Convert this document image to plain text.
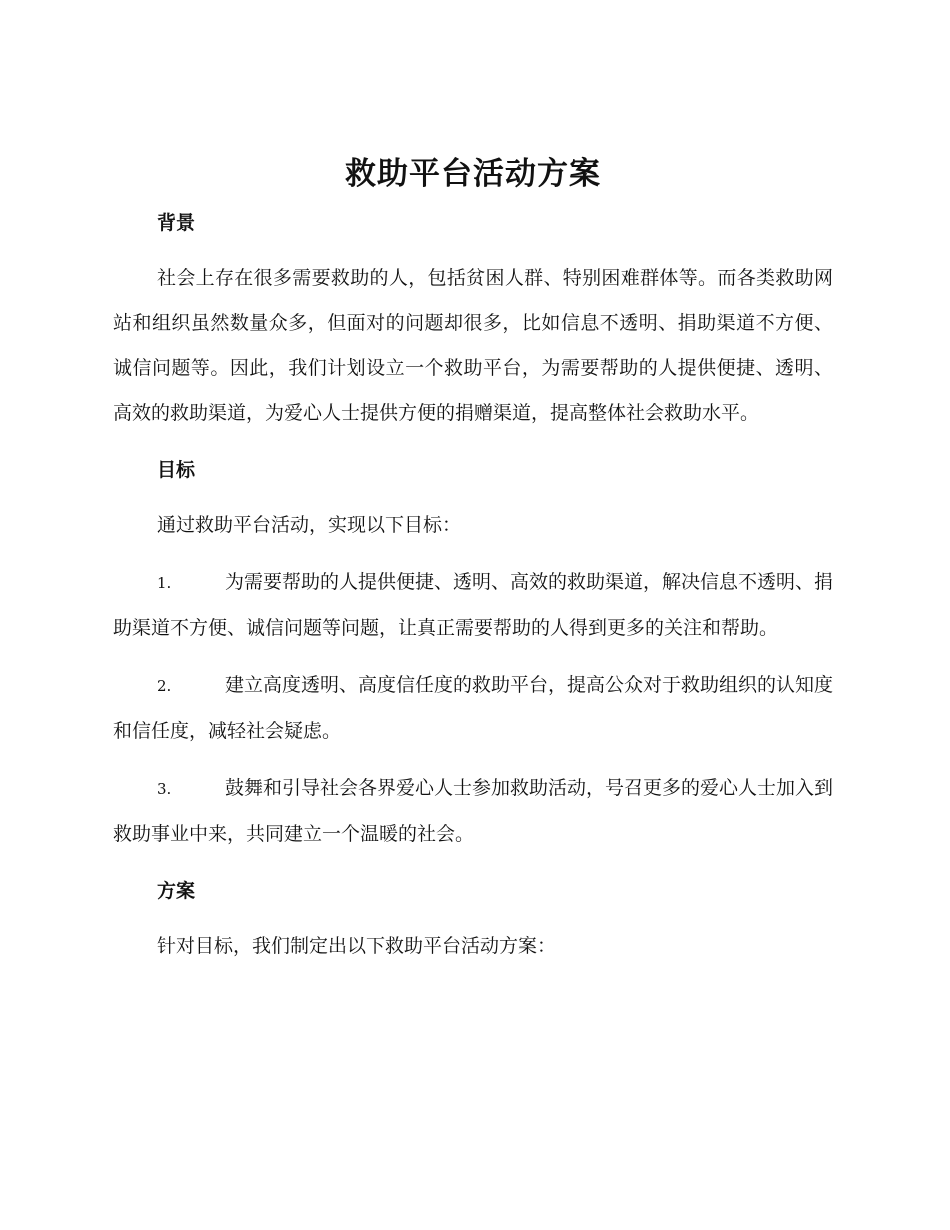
救助平台活动方案
背景

社会上存在很多需要救助的人，包括贫困人群、特别困难群体等。而各类救助网站和组织虽然数量众多，但面对的问题却很多，比如信息不透明、捐助渠道不方便、诚信问题等。因此，我们计划设立一个救助平台，为需要帮助的人提供便捷、透明、高效的救助渠道，为爱心人士提供方便的捐赠渠道，提高整体社会救助水平。

目标

通过救助平台活动，实现以下目标：

1.	为需要帮助的人提供便捷、透明、高效的救助渠道，解决信息不透明、捐助渠道不方便、诚信问题等问题，让真正需要帮助的人得到更多的关注和帮助。

2.	建立高度透明、高度信任度的救助平台，提高公众对于救助组织的认知度和信任度，减轻社会疑虑。

3.	鼓舞和引导社会各界爱心人士参加救助活动，号召更多的爱心人士加入到救助事业中来，共同建立一个温暖的社会。

方案

针对目标，我们制定出以下救助平台活动方案：
